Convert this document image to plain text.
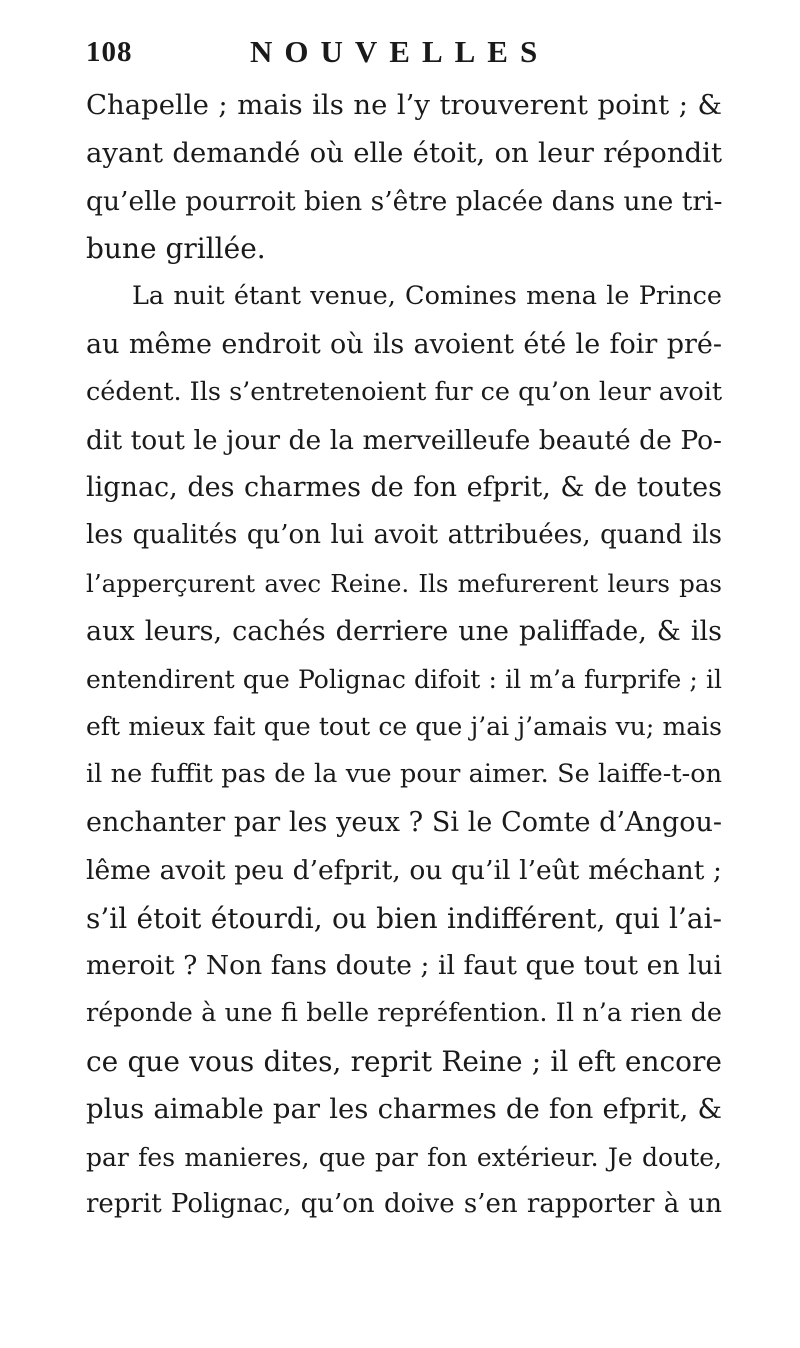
108	NOUVELLES
Chapelle ; mais ils ne l’y trouverent point ; &
ayant demandé où elle étoit, on leur répondit
qu’elle pourroit bien s’être placée dans une tri-
bune grillée.
La nuit étant venue, Comines mena le Prince
au même endroit où ils avoient été le foir pré-
cédent. Ils s’entretenoient fur ce qu’on leur avoit
dit tout le jour de la merveilleufe beauté de Po-
lignac, des charmes de fon efprit, & de toutes
les qualités qu’on lui avoit attribuées, quand ils
l’apperçurent avec Reine. Ils mefurerent leurs pas
aux leurs, cachés derriere une paliffade, & ils
entendirent que Polignac difoit : il m’a furprife ; il
eft mieux fait que tout ce que j’ai j’amais vu; mais
il ne fuffit pas de la vue pour aimer. Se laiffe-t-on
enchanter par les yeux ? Si le Comte d’Angou-
lême avoit peu d’efprit, ou qu’il l’eût méchant ;
s’il étoit étourdi, ou bien indifférent, qui l’ai-
meroit ? Non fans doute ; il faut que tout en lui
réponde à une fi belle repréfention. Il n’a rien de
ce que vous dites, reprit Reine ; il eft encore
plus aimable par les charmes de fon efprit, &
par fes manieres, que par fon extérieur. Je doute,
reprit Polignac, qu’on doive s’en rapporter à un
